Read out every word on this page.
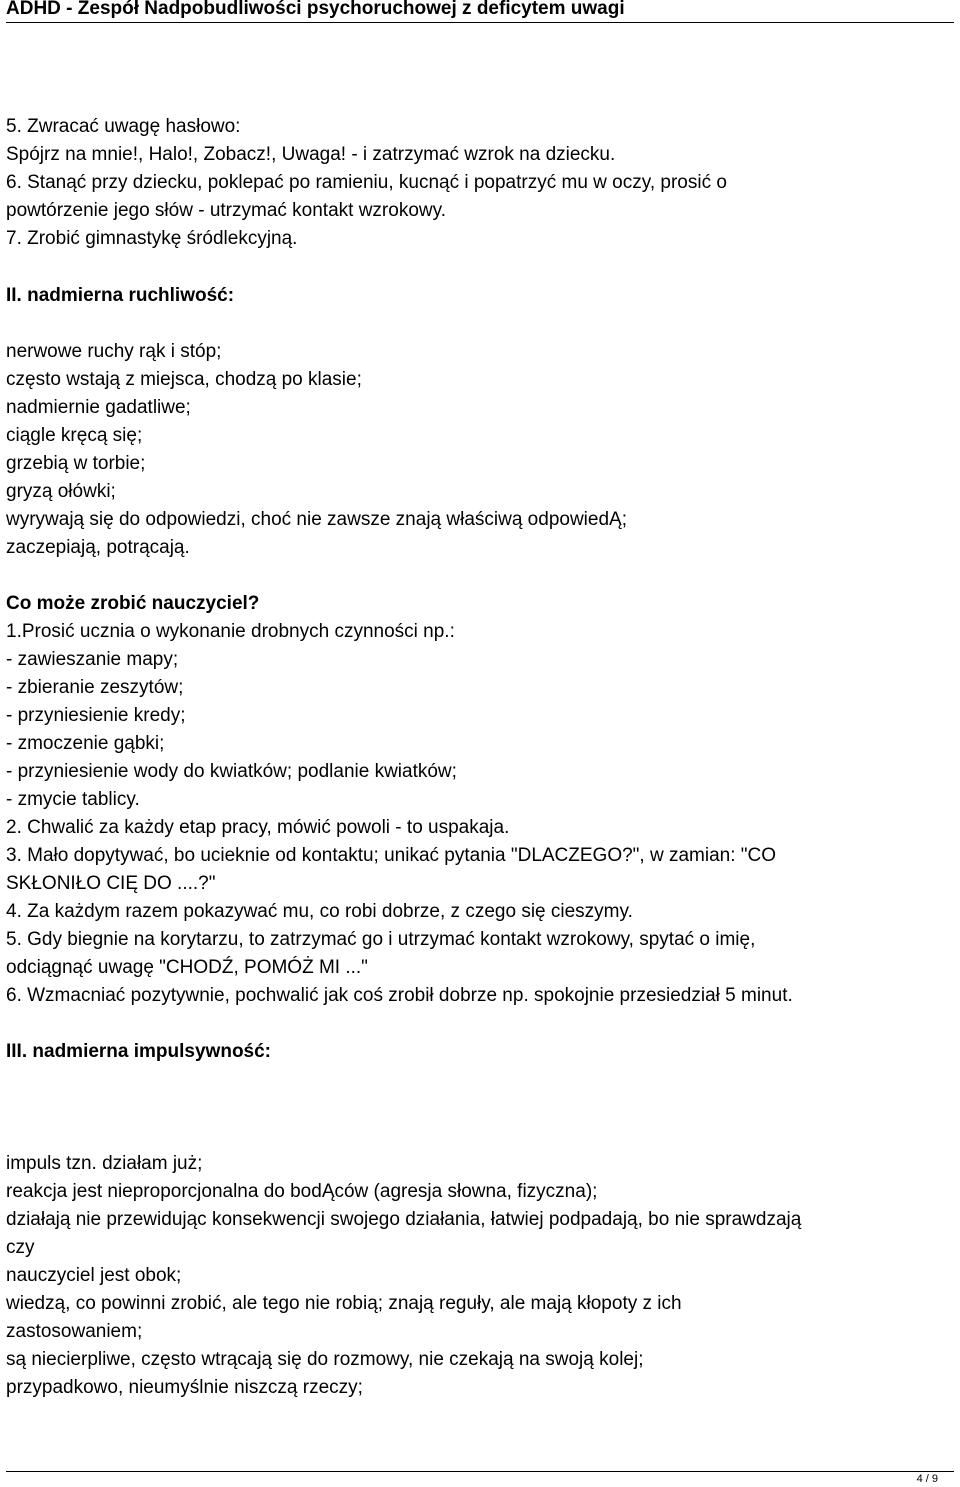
ADHD - Zespół Nadpobudliwości psychoruchowej z deficytem uwagi
5. Zwracać uwagę hasłowo:
Spójrz na mnie!, Halo!, Zobacz!, Uwaga! - i zatrzymać wzrok na dziecku.
6. Stanąć przy dziecku, poklepać po ramieniu, kucnąć i popatrzyć mu w oczy, prosić o
powtórzenie jego słów - utrzymać kontakt wzrokowy.
7. Zrobić gimnastykę śródlekcyjną.
II. nadmierna ruchliwość:
nerwowe ruchy rąk i stóp;
często wstają z miejsca, chodzą po klasie;
nadmiernie gadatliwe;
ciągle kręcą się;
grzebią w torbie;
gryzą ołówki;
wyrywają się do odpowiedzi, choć nie zawsze znają właściwą odpowiedĄ;
zaczepiają, potrącają.
Co może zrobić nauczyciel?
1.Prosić ucznia o wykonanie drobnych czynności np.:
- zawieszanie mapy;
- zbieranie zeszytów;
- przyniesienie kredy;
- zmoczenie gąbki;
- przyniesienie wody do kwiatków; podlanie kwiatków;
- zmycie tablicy.
2. Chwalić za każdy etap pracy, mówić powoli - to uspakaja.
3. Mało dopytywać, bo ucieknie od kontaktu; unikać pytania "DLACZEGO?", w zamian: "CO
SKŁONIŁO CIĘ DO ....?"
4. Za każdym razem pokazywać mu, co robi dobrze, z czego się cieszymy.
5. Gdy biegnie na korytarzu, to zatrzymać go i utrzymać kontakt wzrokowy, spytać o imię,
odciągnąć uwagę "CHODŹ, POMÓŻ MI ..."
6. Wzmacniać pozytywnie, pochwalić jak coś zrobił dobrze np. spokojnie przesiedział 5 minut.
III. nadmierna impulsywność:
impuls tzn. działam już;
reakcja jest nieproporcjonalna do bodĄców (agresja słowna, fizyczna);
działają nie przewidując konsekwencji swojego działania, łatwiej podpadają, bo nie sprawdzają
czy
nauczyciel jest obok;
wiedzą, co powinni zrobić, ale tego nie robią; znają reguły, ale mają kłopoty z ich
zastosowaniem;
są niecierpliwe, często wtrącają się do rozmowy, nie czekają na swoją kolej;
przypadkowo, nieumyślnie niszczą rzeczy;
4 / 9
